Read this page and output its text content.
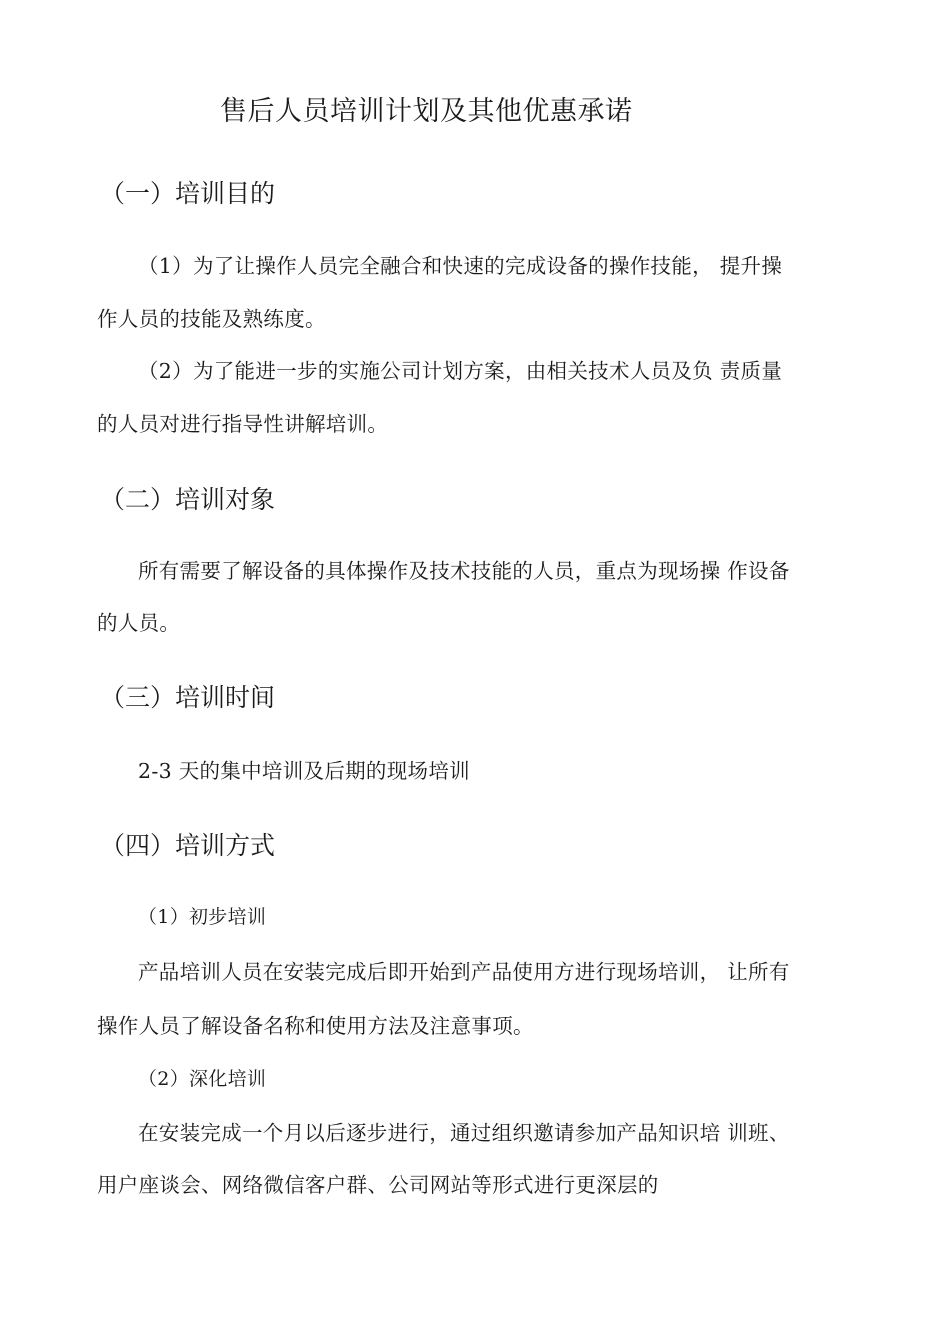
售后人员培训计划及其他优惠承诺
（一）培训目的

（1）为了让操作人员完全融合和快速的完成设备的操作技能， 提升操

作人员的技能及熟练度。

（2）为了能进一步的实施公司计划方案，由相关技术人员及负 责质量

的人员对进行指导性讲解培训。

（二）培训对象

所有需要了解设备的具体操作及技术技能的人员，重点为现场操 作设备

的人员。

（三）培训时间

2-3 天的集中培训及后期的现场培训

（四）培训方式

（1）初步培训

产品培训人员在安装完成后即开始到产品使用方进行现场培训， 让所有

操作人员了解设备名称和使用方法及注意事项。

（2）深化培训

在安装完成一个月以后逐步进行，通过组织邀请参加产品知识培 训班、

用户座谈会、网络微信客户群、公司网站等形式进行更深层的
